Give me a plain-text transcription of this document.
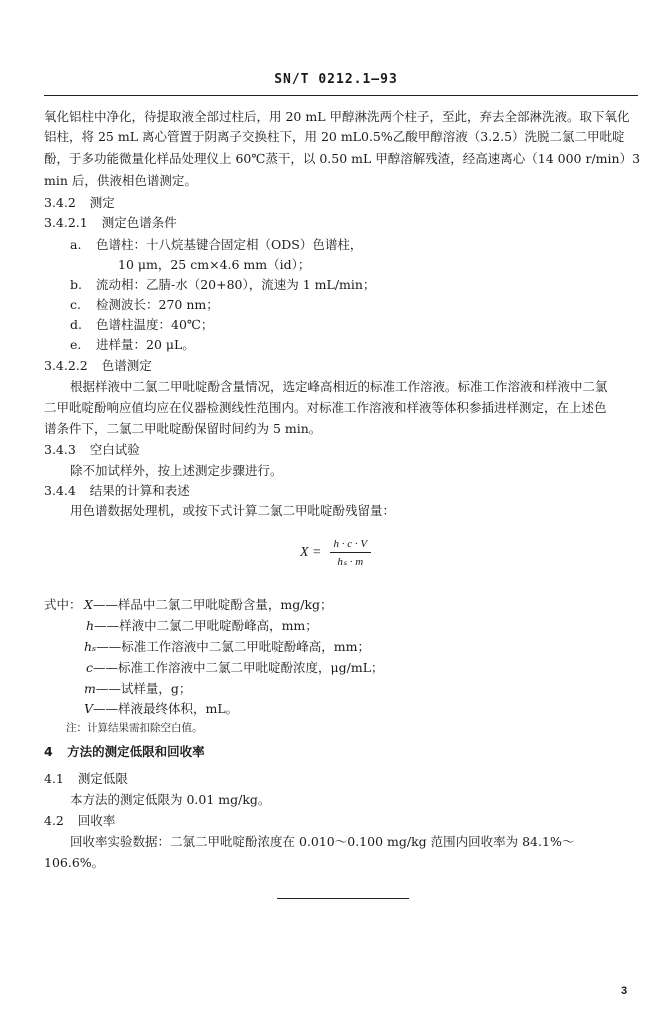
SN/T 0212.1—93
氧化铝柱中净化，待提取液全部过柱后，用 20 mL 甲醇淋洗两个柱子，至此，弃去全部淋洗液。取下氧化
铝柱，将 25 mL 离心管置于阴离子交换柱下，用 20 mL0.5%乙酸甲醇溶液（3.2.5）洗脱二氯二甲吡啶
酚，于多功能微量化样品处理仪上 60℃蒸干，以 0.50 mL 甲醇溶解残渣，经高速离心（14 000 r/min）3
min 后，供液相色谱测定。
3.4.2 测定
3.4.2.1 测定色谱条件
a. 色谱柱：十八烷基键合固定相（ODS）色谱柱，
10 μm，25 cm×4.6 mm（id）；
b. 流动相：乙腈-水（20+80），流速为 1 mL/min；
c. 检测波长：270 nm；
d. 色谱柱温度：40℃；
e. 进样量：20 μL。
3.4.2.2 色谱测定
根据样液中二氯二甲吡啶酚含量情况，选定峰高相近的标准工作溶液。标准工作溶液和样液中二氯
二甲吡啶酚响应值均应在仪器检测线性范围内。对标准工作溶液和样液等体积参插进样测定，在上述色
谱条件下，二氯二甲吡啶酚保留时间约为 5 min。
3.4.3 空白试验
除不加试样外，按上述测定步骤进行。
3.4.4 结果的计算和表述
用色谱数据处理机，或按下式计算二氯二甲吡啶酚残留量：
$X = \frac{h \cdot c \cdot V}{\text{hₛ · m}}$
式中： X——样品中二氯二甲吡啶酚含量，mg/kg；
h——样液中二氯二甲吡啶酚峰高，mm；
hₛ——标准工作溶液中二氯二甲吡啶酚峰高，mm；
c——标准工作溶液中二氯二甲吡啶酚浓度，μg/mL；
m——试样量，g；
V——样液最终体积，mL。
注：计算结果需扣除空白值。
4 方法的测定低限和回收率
4.1 测定低限
本方法的测定低限为 0.01 mg/kg。
4.2 回收率
回收率实验数据：二氯二甲吡啶酚浓度在 0.010～0.100 mg/kg 范围内回收率为 84.1%～
106.6%。
3
